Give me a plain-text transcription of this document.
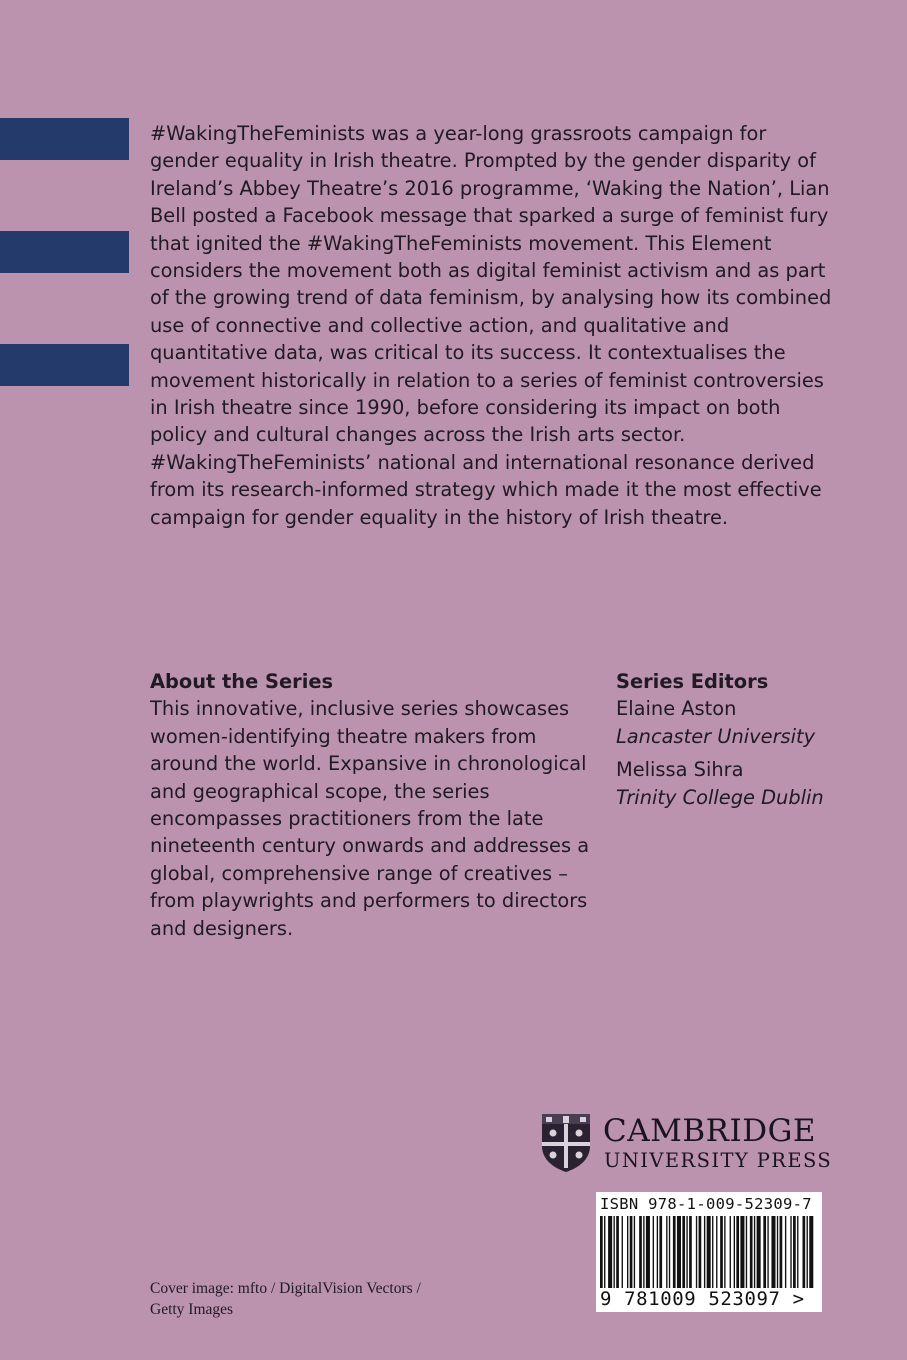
#WakingTheFeminists was a year-long grassroots campaign for gender equality in Irish theatre. Prompted by the gender disparity of Ireland’s Abbey Theatre’s 2016 programme, ‘Waking the Nation’, Lian Bell posted a Facebook message that sparked a surge of feminist fury that ignited the #WakingTheFeminists movement. This Element considers the movement both as digital feminist activism and as part of the growing trend of data feminism, by analysing how its combined use of connective and collective action, and qualitative and quantitative data, was critical to its success. It contextualises the movement historically in relation to a series of feminist controversies in Irish theatre since 1990, before considering its impact on both policy and cultural changes across the Irish arts sector. #WakingTheFeminists’ national and international resonance derived from its research-informed strategy which made it the most effective campaign for gender equality in the history of Irish theatre.

About the Series

This innovative, inclusive series showcases women-identifying theatre makers from around the world. Expansive in chronological and geographical scope, the series encompasses practitioners from the late nineteenth century onwards and addresses a global, comprehensive range of creatives – from playwrights and performers to directors and designers.

Series Editors
Elaine Aston
Lancaster University
Melissa Sihra
Trinity College Dublin
CAMBRIDGE
UNIVERSITY PRESS
ISBN 978-1-009-52309-7
9 781009 523097 >
Cover image: mfto / DigitalVision Vectors /
Getty Images
